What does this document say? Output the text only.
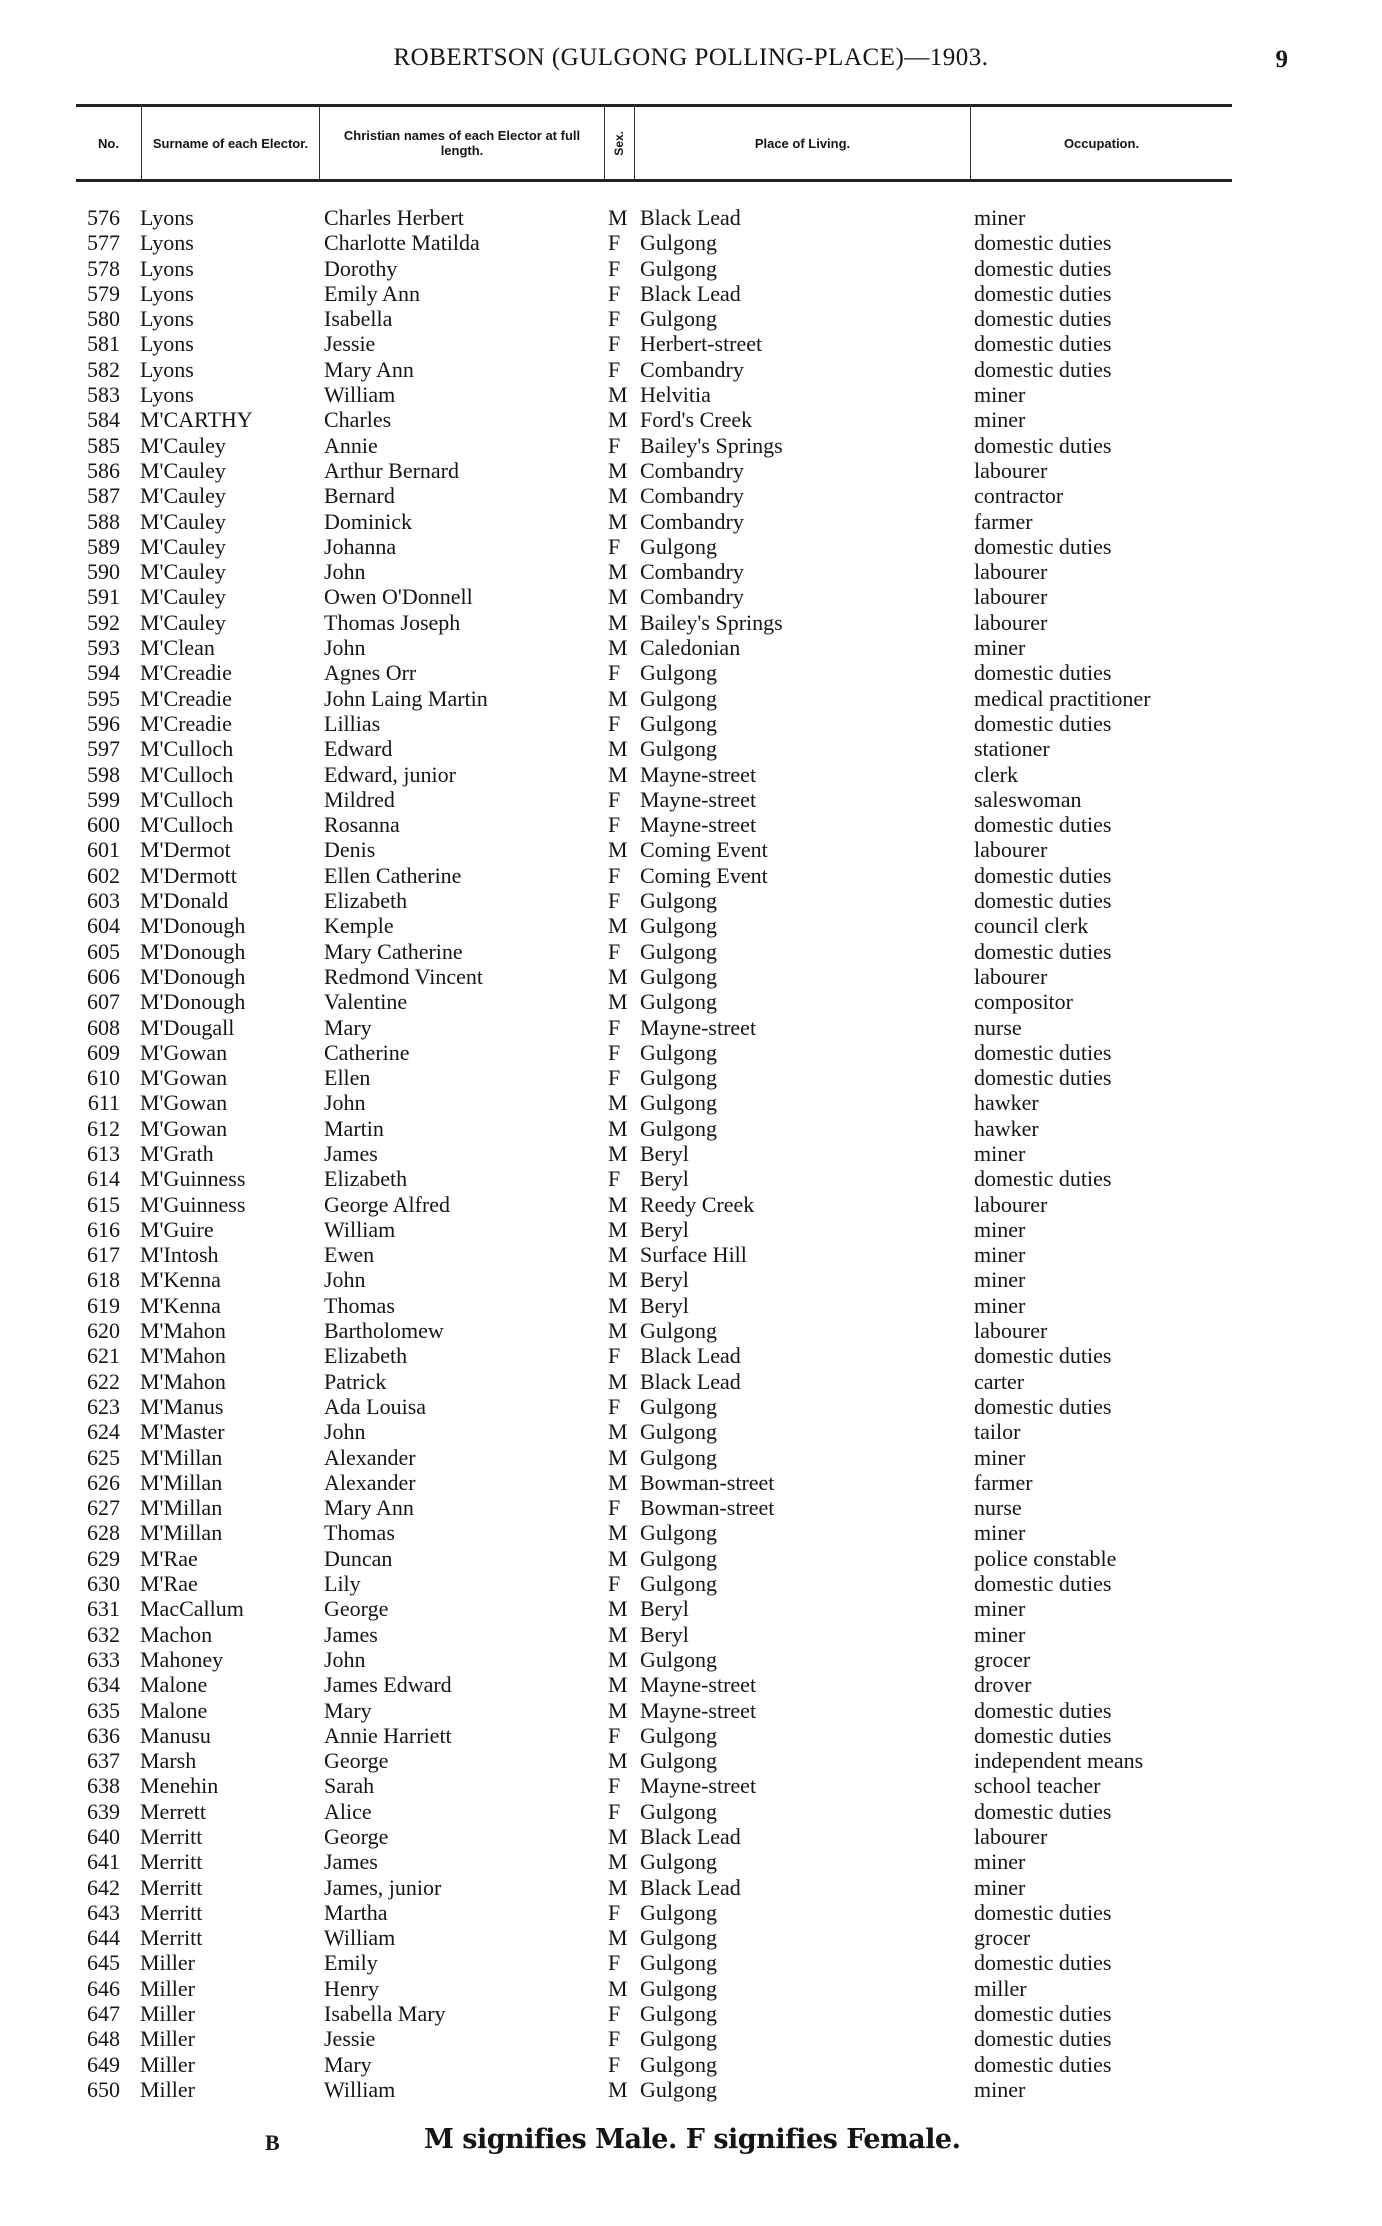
ROBERTSON (GULGONG POLLING-PLACE)—1903.	9
No.	Surname of each Elector.	Christian names of each Elector at full length.	Sex.	Place of Living.	Occupation.
576 Lyons	Charles Herbert	M Black Lead	miner
577 Lyons	Charlotte Matilda	F Gulgong	domestic duties
578 Lyons	Dorothy	F Gulgong	domestic duties
579 Lyons	Emily Ann	F Black Lead	domestic duties
580 Lyons	Isabella	F Gulgong	domestic duties
581 Lyons	Jessie	F Herbert-street	domestic duties
582 Lyons	Mary Ann	F Combandry	domestic duties
583 Lyons	William	M Helvitia	miner
584 M'CARTHY	Charles	M Ford's Creek	miner
585 M'Cauley	Annie	F Bailey's Springs	domestic duties
586 M'Cauley	Arthur Bernard	M Combandry	labourer
587 M'Cauley	Bernard	M Combandry	contractor
588 M'Cauley	Dominick	M Combandry	farmer
589 M'Cauley	Johanna	F Gulgong	domestic duties
590 M'Cauley	John	M Combandry	labourer
591 M'Cauley	Owen O'Donnell	M Combandry	labourer
592 M'Cauley	Thomas Joseph	M Bailey's Springs	labourer
593 M'Clean	John	M Caledonian	miner
594 M'Creadie	Agnes Orr	F Gulgong	domestic duties
595 M'Creadie	John Laing Martin	M Gulgong	medical practitioner
596 M'Creadie	Lillias	F Gulgong	domestic duties
597 M'Culloch	Edward	M Gulgong	stationer
598 M'Culloch	Edward, junior	M Mayne-street	clerk
599 M'Culloch	Mildred	F Mayne-street	saleswoman
600 M'Culloch	Rosanna	F Mayne-street	domestic duties
601 M'Dermot	Denis	M Coming Event	labourer
602 M'Dermott	Ellen Catherine	F Coming Event	domestic duties
603 M'Donald	Elizabeth	F Gulgong	domestic duties
604 M'Donough	Kemple	M Gulgong	council clerk
605 M'Donough	Mary Catherine	F Gulgong	domestic duties
606 M'Donough	Redmond Vincent	M Gulgong	labourer
607 M'Donough	Valentine	M Gulgong	compositor
608 M'Dougall	Mary	F Mayne-street	nurse
609 M'Gowan	Catherine	F Gulgong	domestic duties
610 M'Gowan	Ellen	F Gulgong	domestic duties
611 M'Gowan	John	M Gulgong	hawker
612 M'Gowan	Martin	M Gulgong	hawker
613 M'Grath	James	M Beryl	miner
614 M'Guinness	Elizabeth	F Beryl	domestic duties
615 M'Guinness	George Alfred	M Reedy Creek	labourer
616 M'Guire	William	M Beryl	miner
617 M'Intosh	Ewen	M Surface Hill	miner
618 M'Kenna	John	M Beryl	miner
619 M'Kenna	Thomas	M Beryl	miner
620 M'Mahon	Bartholomew	M Gulgong	labourer
621 M'Mahon	Elizabeth	F Black Lead	domestic duties
622 M'Mahon	Patrick	M Black Lead	carter
623 M'Manus	Ada Louisa	F Gulgong	domestic duties
624 M'Master	John	M Gulgong	tailor
625 M'Millan	Alexander	M Gulgong	miner
626 M'Millan	Alexander	M Bowman-street	farmer
627 M'Millan	Mary Ann	F Bowman-street	nurse
628 M'Millan	Thomas	M Gulgong	miner
629 M'Rae	Duncan	M Gulgong	police constable
630 M'Rae	Lily	F Gulgong	domestic duties
631 MacCallum	George	M Beryl	miner
632 Machon	James	M Beryl	miner
633 Mahoney	John	M Gulgong	grocer
634 Malone	James Edward	M Mayne-street	drover
635 Malone	Mary	M Mayne-street	domestic duties
636 Manusu	Annie Harriett	F Gulgong	domestic duties
637 Marsh	George	M Gulgong	independent means
638 Menehin	Sarah	F Mayne-street	school teacher
639 Merrett	Alice	F Gulgong	domestic duties
640 Merritt	George	M Black Lead	labourer
641 Merritt	James	M Gulgong	miner
642 Merritt	James, junior	M Black Lead	miner
643 Merritt	Martha	F Gulgong	domestic duties
644 Merritt	William	M Gulgong	grocer
645 Miller	Emily	F Gulgong	domestic duties
646 Miller	Henry	M Gulgong	miller
647 Miller	Isabella Mary	F Gulgong	domestic duties
648 Miller	Jessie	F Gulgong	domestic duties
649 Miller	Mary	F Gulgong	domestic duties
650 Miller	William	M Gulgong	miner
B	M signifies Male. F signifies Female.
